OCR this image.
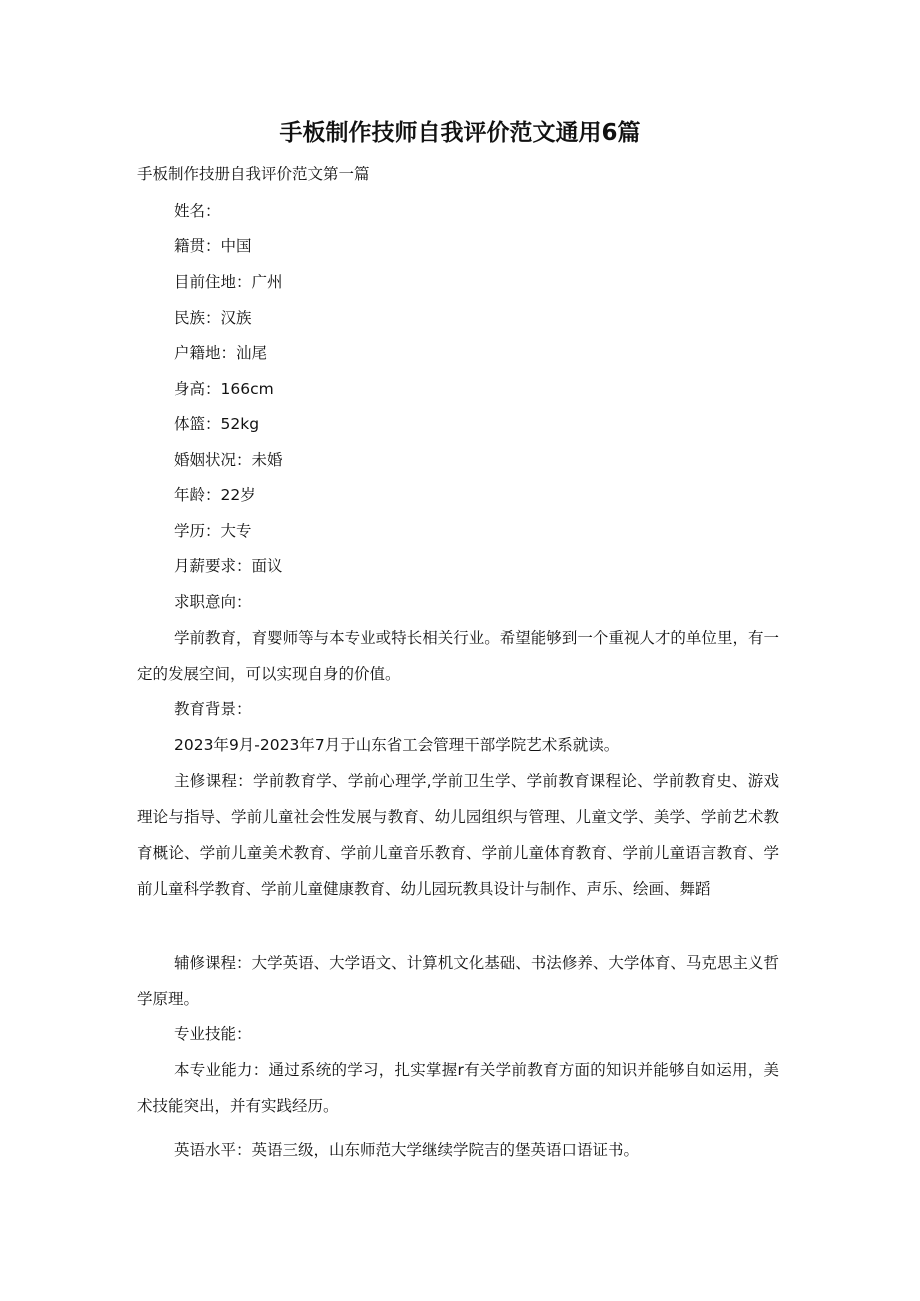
手板制作技师自我评价范文通用6篇
手板制作技册自我评价范文第一篇
姓名：
籍贯：中国
目前住地：广州
民族：汉族
户籍地：汕尾
身高：166cm
体篮：52kg
婚姻状况：未婚
年龄：22岁
学历：大专
月薪要求：面议
求职意向：
学前教育，育婴师等与本专业或特长相关行业。希望能够到一个重视人才的单位里，有一定的发展空间，可以实现自身的价值。
教育背景：
2023年9月-2023年7月于山东省工会管理干部学院艺术系就读。
主修课程：学前教育学、学前心理学,学前卫生学、学前教育课程论、学前教育史、游戏理论与指导、学前儿童社会性发展与教育、幼儿园组织与管理、儿童文学、美学、学前艺术教育概论、学前儿童美术教育、学前儿童音乐教育、学前儿童体育教育、学前儿童语言教育、学前儿童科学教育、学前儿童健康教育、幼儿园玩教具设计与制作、声乐、绘画、舞蹈
辅修课程：大学英语、大学语文、计算机文化基础、书法修养、大学体育、马克思主义哲学原理。
专业技能：
本专业能力：通过系统的学习，扎实掌握r有关学前教育方面的知识并能够自如运用，美术技能突出，并有实践经历。
英语水平：英语三级，山东师范大学继续学院吉的堡英语口语证书。
